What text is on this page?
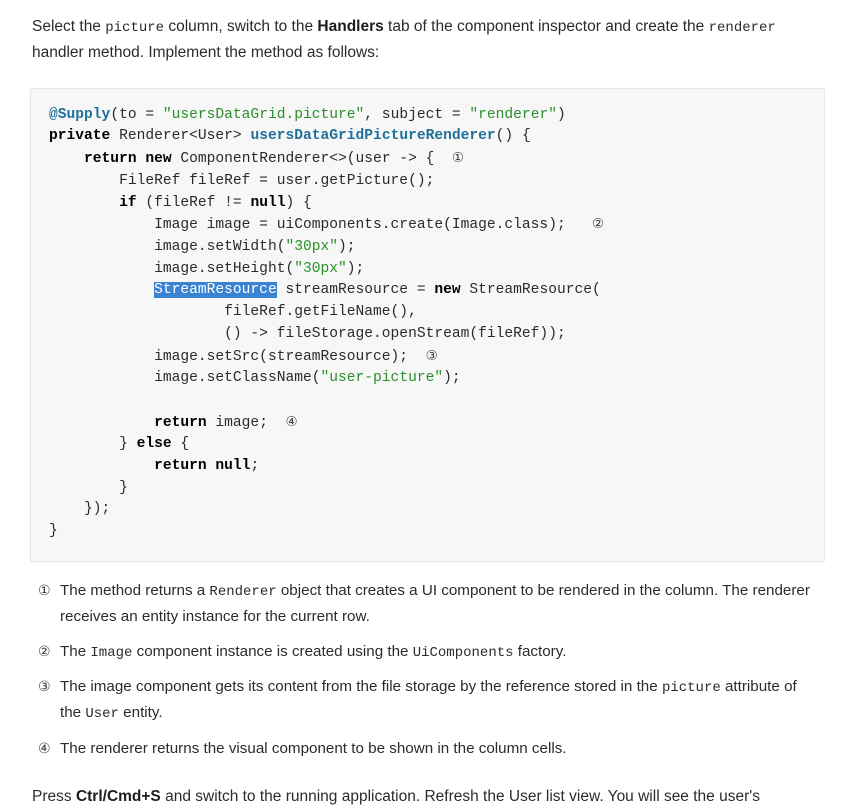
Select the picture column, switch to the Handlers tab of the component inspector and create the renderer handler method. Implement the method as follows:

@Supply(to = "usersDataGrid.picture", subject = "renderer")
private Renderer<User> usersDataGridPictureRenderer() {
return new ComponentRenderer<>(user -> {  ①
FileRef fileRef = user.getPicture();
if (fileRef != null) {
Image image = uiComponents.create(Image.class);   ②
image.setWidth("30px");
image.setHeight("30px");
StreamResource streamResource = new StreamResource(
fileRef.getFileName(),
() -> fileStorage.openStream(fileRef));
image.setSrc(streamResource);  ③
image.setClassName("user-picture");

return image;  ④
} else {
return null;
}
});
}
① The method returns a Renderer object that creates a UI component to be rendered in the column. The renderer receives an entity instance for the current row.
② The Image component instance is created using the UiComponents factory.
③ The image component gets its content from the file storage by the reference stored in the picture attribute of the User entity.
④ The renderer returns the visual component to be shown in the column cells.

Press Ctrl/Cmd+S and switch to the running application. Refresh the User list view. You will see the user's
